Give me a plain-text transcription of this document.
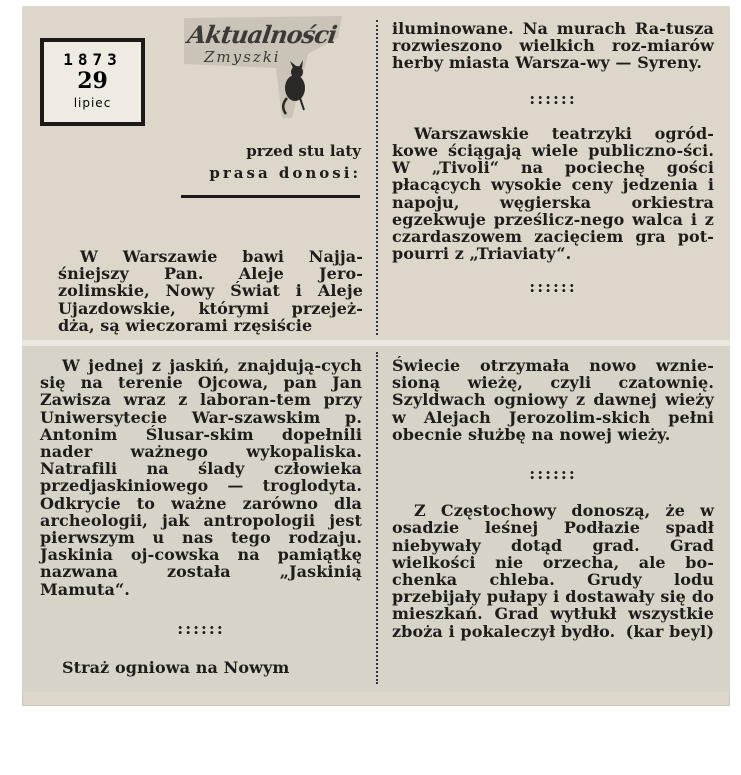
1873
29
lipiec
Aktualności
Zmyszki
przed stu laty
prasa donosi:

W Warszawie bawi Najja-śniejszy Pan. Aleje Jero-zolimskie, Nowy Świat i Aleje Ujazdowskie, którymi przejeż-dża, są wieczorami rzęsiście

iluminowane. Na murach Ra-tusza rozwieszono wielkich roz-miarów herby miasta Warsza-wy — Syreny.

::::::

Warszawskie teatrzyki ogród-kowe ściągają wiele publiczno-ści. W „Tivoli“ na pociechę gości płacących wysokie ceny jedzenia i napoju, węgierska orkiestra egzekwuje prześlicz-nego walca i z czardaszowem zacięciem gra pot-pourri z „Triaviaty“.

::::::

W jednej z jaskiń, znajdują-cych się na terenie Ojcowa, pan Jan Zawisza wraz z laboran-tem przy Uniwersytecie War-szawskim p. Antonim Ślusar-skim dopełnili nader ważnego wykopaliska. Natrafili na ślady człowieka przedjaskiniowego — troglodyta. Odkrycie to ważne zarówno dla archeologii, jak antropologii jest pierwszym u nas tego rodzaju. Jaskinia oj-cowska na pamiątkę nazwana została „Jaskinią Mamuta“.

::::::

Straż ogniowa na Nowym

Świecie otrzymała nowo wznie-sioną wieżę, czyli czatownię. Szyldwach ogniowy z dawnej wieży w Alejach Jerozolim-skich pełni obecnie służbę na nowej wieży.

::::::

Z Częstochowy donoszą, że w osadzie leśnej Podłazie spadł niebywały dotąd grad. Grad wielkości nie orzecha, ale bo-chenka chleba. Grudy lodu przebijały pułapy i dostawały się do mieszkań. Grad wytłukł wszystkie zboża i pokaleczył bydło. (kar beyl)
